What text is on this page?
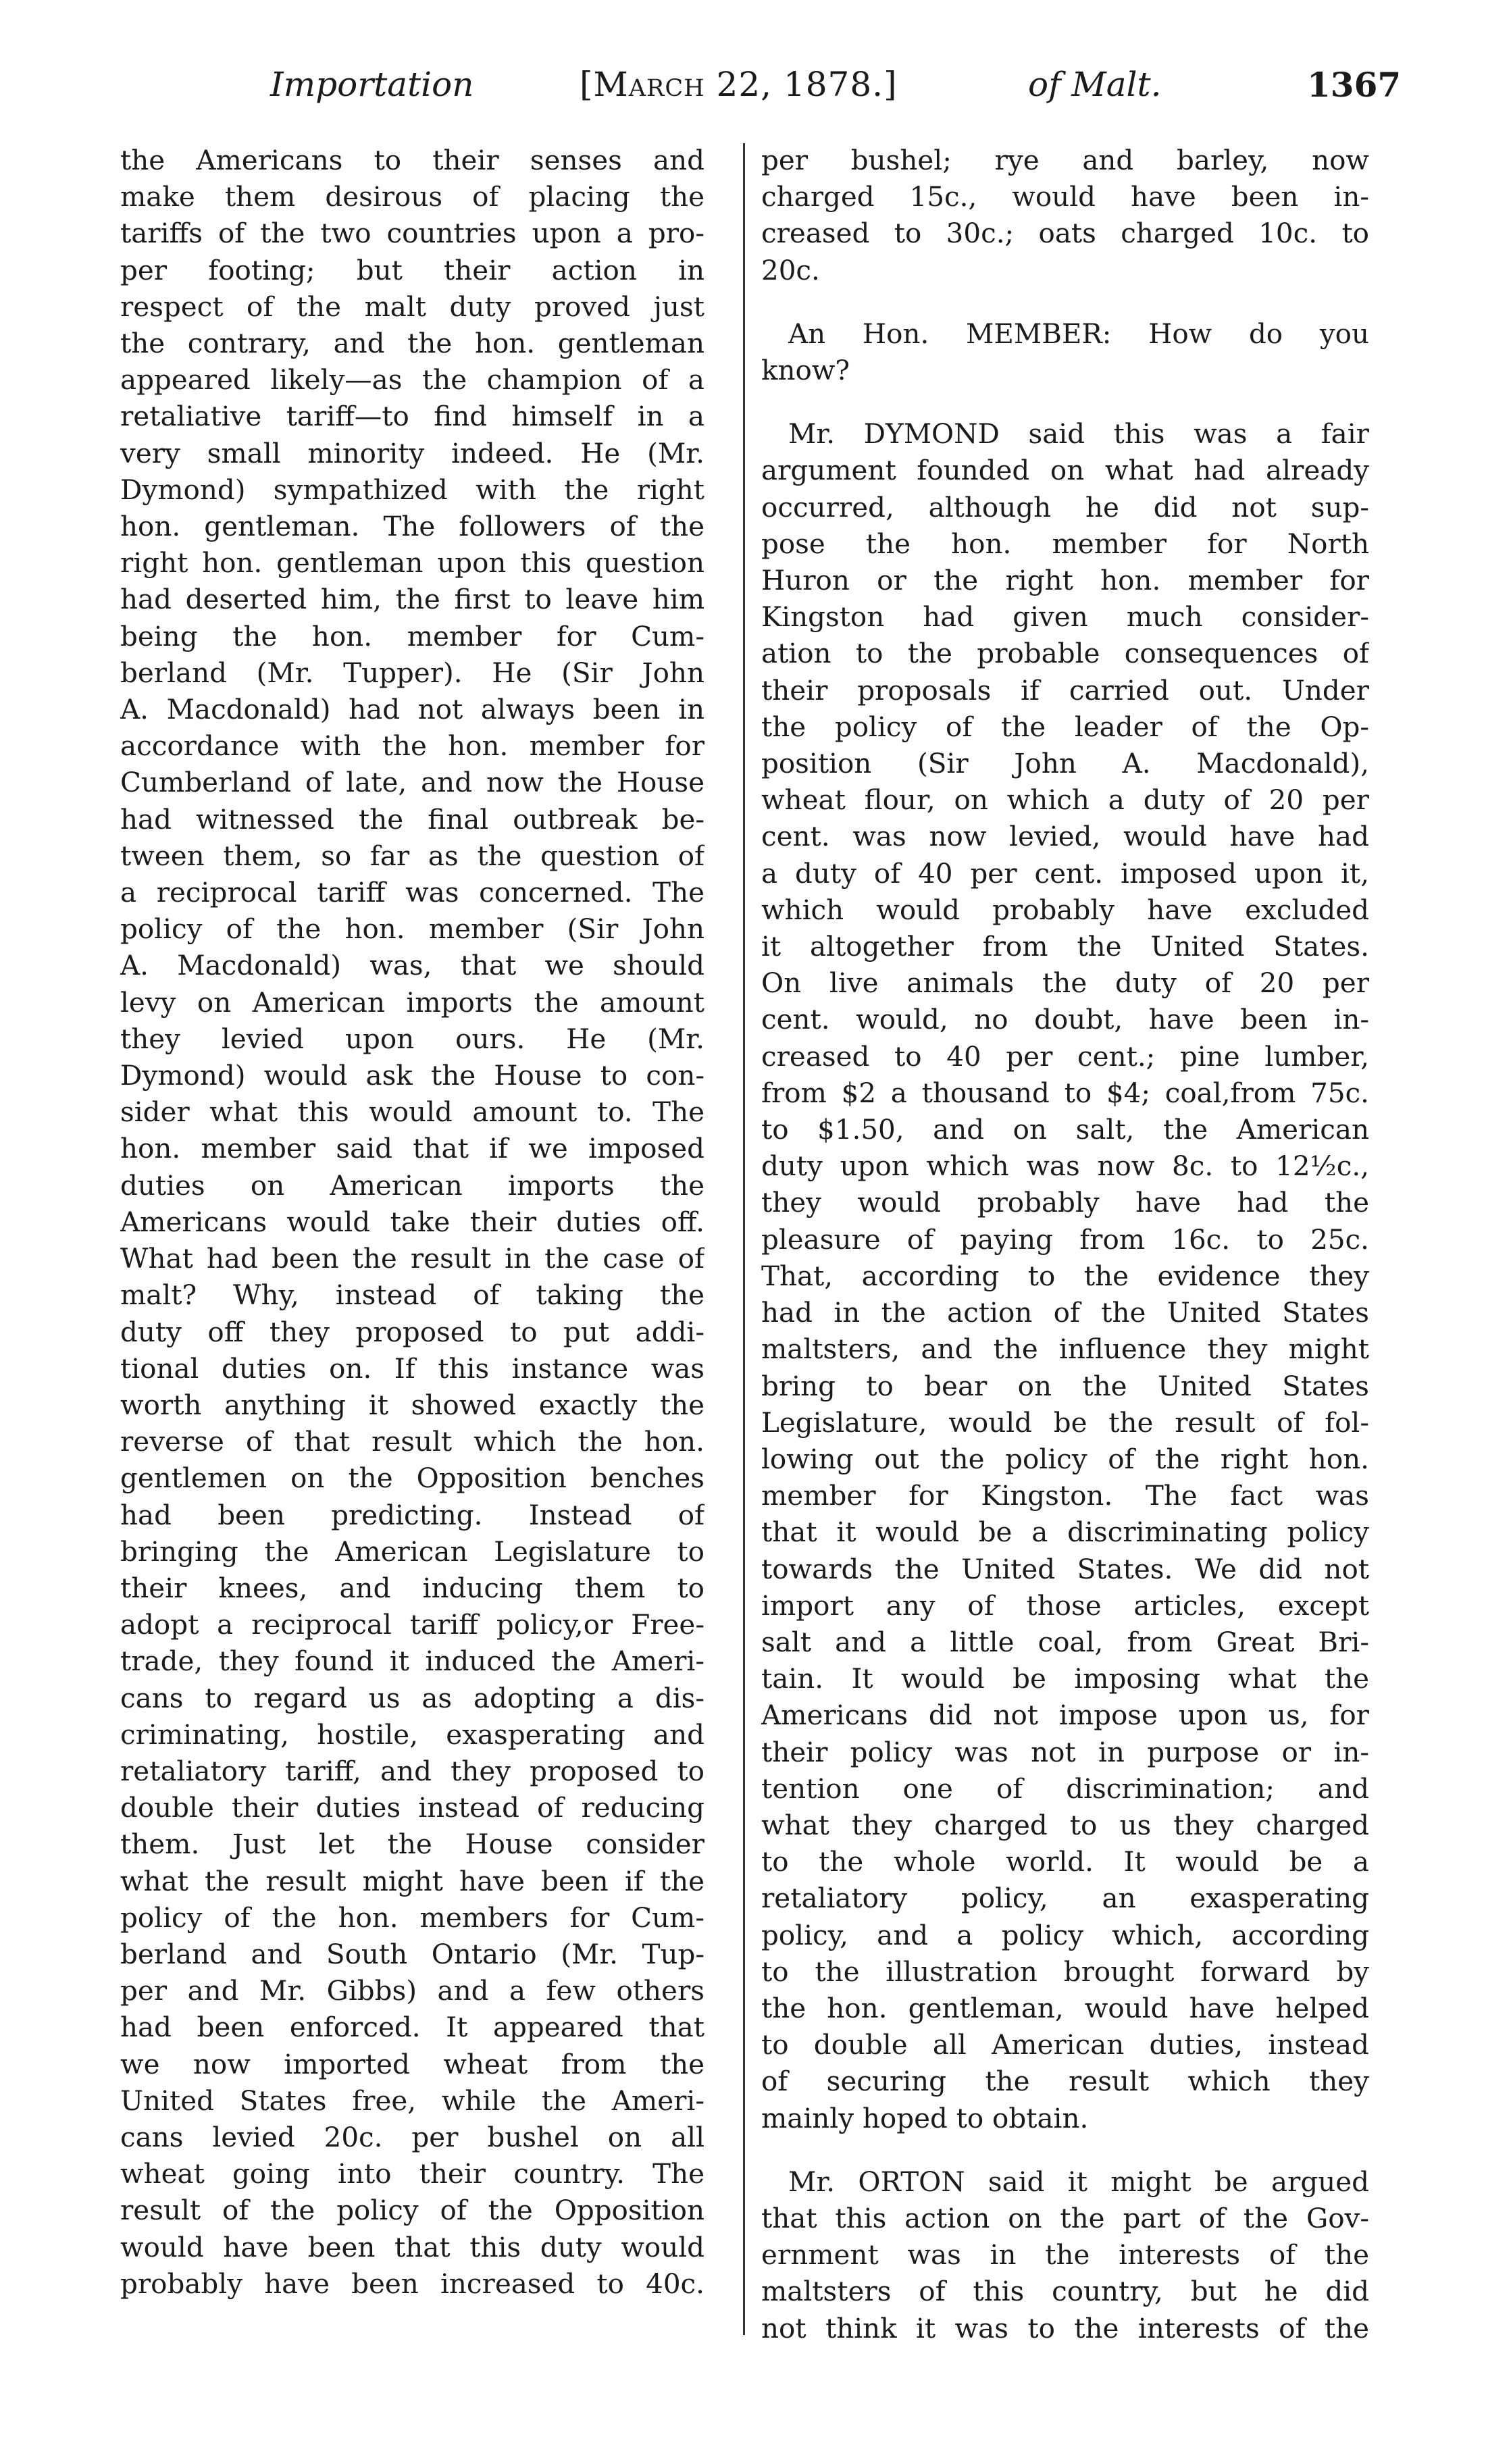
Importation	[March 22, 1878.]	of Malt.	1367
the Americans to their senses and
make them desirous of placing the
tariffs of the two countries upon a pro-
per footing; but their action in
respect of the malt duty proved just
the contrary, and the hon. gentleman
appeared likely—as the champion of a
retaliative tariff—to find himself in a
very small minority indeed. He (Mr.
Dymond) sympathized with the right
hon. gentleman. The followers of the
right hon. gentleman upon this question
had deserted him, the first to leave him
being the hon. member for Cum-
berland (Mr. Tupper). He (Sir John
A. Macdonald) had not always been in
accordance with the hon. member for
Cumberland of late, and now the House
had witnessed the final outbreak be-
tween them, so far as the question of
a reciprocal tariff was concerned. The
policy of the hon. member (Sir John
A. Macdonald) was, that we should
levy on American imports the amount
they levied upon ours. He (Mr.
Dymond) would ask the House to con-
sider what this would amount to. The
hon. member said that if we imposed
duties on American imports the
Americans would take their duties off.
What had been the result in the case of
malt? Why, instead of taking the
duty off they proposed to put addi-
tional duties on. If this instance was
worth anything it showed exactly the
reverse of that result which the hon.
gentlemen on the Opposition benches
had been predicting. Instead of
bringing the American Legislature to
their knees, and inducing them to
adopt a reciprocal tariff policy,or Free-
trade, they found it induced the Ameri-
cans to regard us as adopting a dis-
criminating, hostile, exasperating and
retaliatory tariff, and they proposed to
double their duties instead of reducing
them. Just let the House consider
what the result might have been if the
policy of the hon. members for Cum-
berland and South Ontario (Mr. Tup-
per and Mr. Gibbs) and a few others
had been enforced. It appeared that
we now imported wheat from the
United States free, while the Ameri-
cans levied 20c. per bushel on all
wheat going into their country. The
result of the policy of the Opposition
would have been that this duty would
probably have been increased to 40c.
per bushel; rye and barley, now
charged 15c., would have been in-
creased to 30c.; oats charged 10c. to
20c.
An Hon. MEMBER: How do you
know?
Mr. DYMOND said this was a fair
argument founded on what had already
occurred, although he did not sup-
pose the hon. member for North
Huron or the right hon. member for
Kingston had given much consider-
ation to the probable consequences of
their proposals if carried out. Under
the policy of the leader of the Op-
position (Sir John A. Macdonald),
wheat flour, on which a duty of 20 per
cent. was now levied, would have had
a duty of 40 per cent. imposed upon it,
which would probably have excluded
it altogether from the United States.
On live animals the duty of 20 per
cent. would, no doubt, have been in-
creased to 40 per cent.; pine lumber,
from $2 a thousand to $4; coal,from 75c.
to $1.50, and on salt, the American
duty upon which was now 8c. to 12½c.,
they would probably have had the
pleasure of paying from 16c. to 25c.
That, according to the evidence they
had in the action of the United States
maltsters, and the influence they might
bring to bear on the United States
Legislature, would be the result of fol-
lowing out the policy of the right hon.
member for Kingston. The fact was
that it would be a discriminating policy
towards the United States. We did not
import any of those articles, except
salt and a little coal, from Great Bri-
tain. It would be imposing what the
Americans did not impose upon us, for
their policy was not in purpose or in-
tention one of discrimination; and
what they charged to us they charged
to the whole world. It would be a
retaliatory policy, an exasperating
policy, and a policy which, according
to the illustration brought forward by
the hon. gentleman, would have helped
to double all American duties, instead
of securing the result which they
mainly hoped to obtain.
Mr. ORTON said it might be argued
that this action on the part of the Gov-
ernment was in the interests of the
maltsters of this country, but he did
not think it was to the interests of the
